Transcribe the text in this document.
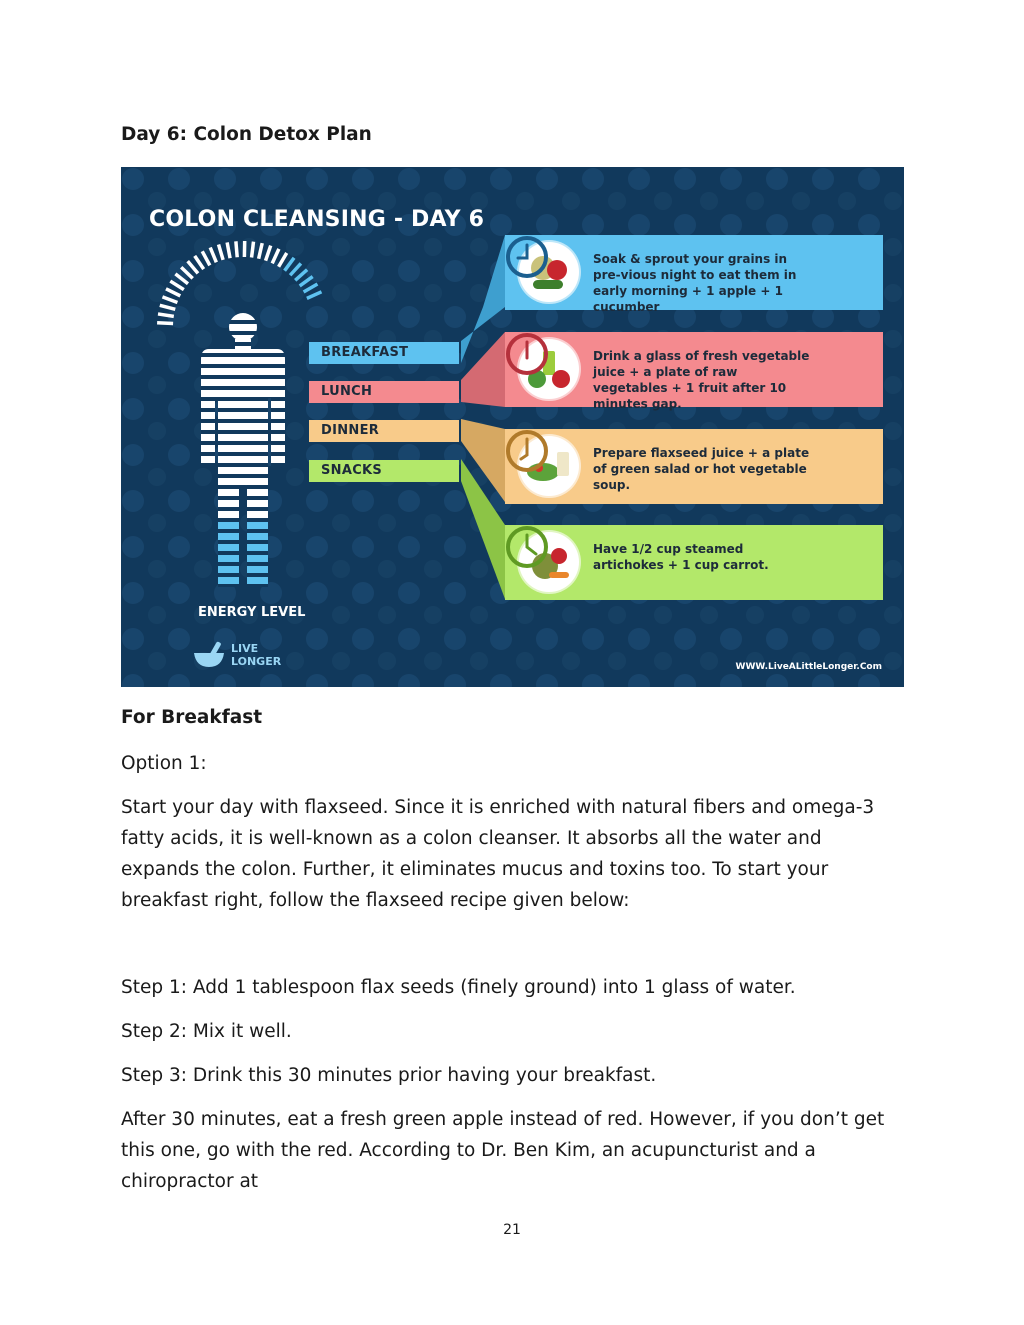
Day 6: Colon Detox Plan
COLON CLEANSING - DAY 6
BREAKFAST
LUNCH
DINNER
SNACKS

Soak & sprout your grains in pre-vious night to eat them in early morning + 1 apple + 1 cucumber

Drink a glass of fresh vegetable juice + a plate of raw vegetables + 1 fruit after 10 minutes gap.

Prepare flaxseed juice + a plate of green salad or hot vegetable soup.

Have 1/2 cup steamed artichokes + 1 cup carrot.

ENERGY LEVEL
LIVE
LONGER	WWW.LiveALittleLonger.Com
For Breakfast

Option 1:

Start your day with flaxseed. Since it is enriched with natural fibers and omega-3 fatty acids, it is well-known as a colon cleanser. It absorbs all the water and expands the colon. Further, it eliminates mucus and toxins too. To start your breakfast right, follow the flaxseed recipe given below:

Step 1: Add 1 tablespoon flax seeds (finely ground) into 1 glass of water.

Step 2: Mix it well.

Step 3: Drink this 30 minutes prior having your breakfast.

After 30 minutes, eat a fresh green apple instead of red. However, if you don’t get this one, go with the red. According to Dr. Ben Kim, an acupuncturist and a chiropractor at

21
